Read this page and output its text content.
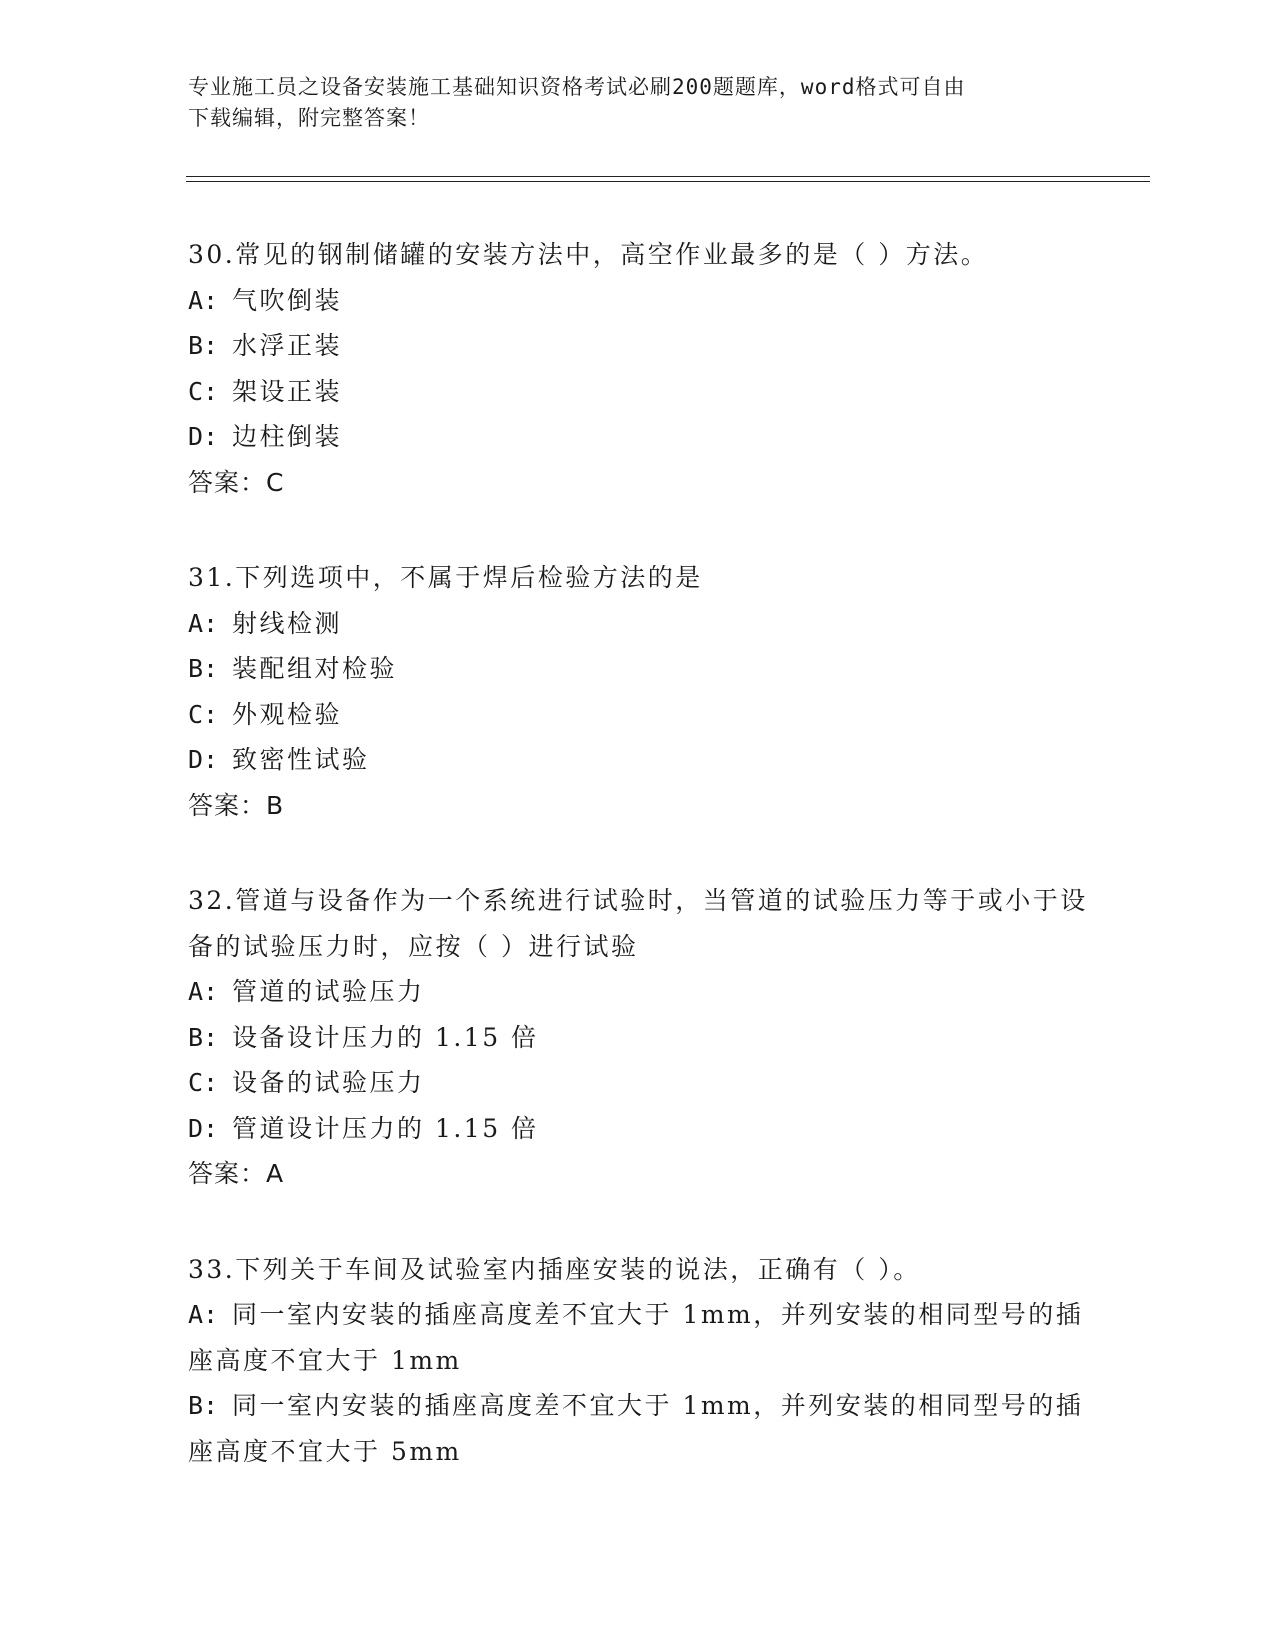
专业施工员之设备安装施工基础知识资格考试必刷200题题库，word格式可自由
下载编辑，附完整答案！
30.常见的钢制储罐的安装方法中，高空作业最多的是（ ）方法。
A: 气吹倒装
B: 水浮正装
C: 架设正装
D: 边柱倒装
答案：C
31.下列选项中，不属于焊后检验方法的是
A: 射线检测
B: 装配组对检验
C: 外观检验
D: 致密性试验
答案：B
32.管道与设备作为一个系统进行试验时，当管道的试验压力等于或小于设备的试验压力时，应按（ ）进行试验
A: 管道的试验压力
B: 设备设计压力的 1.15 倍
C: 设备的试验压力
D: 管道设计压力的 1.15 倍
答案：A
33.下列关于车间及试验室内插座安装的说法，正确有（ ）。
A: 同一室内安装的插座高度差不宜大于 1mm，并列安装的相同型号的插座高度不宜大于 1mm
B: 同一室内安装的插座高度差不宜大于 1mm，并列安装的相同型号的插座高度不宜大于 5mm
